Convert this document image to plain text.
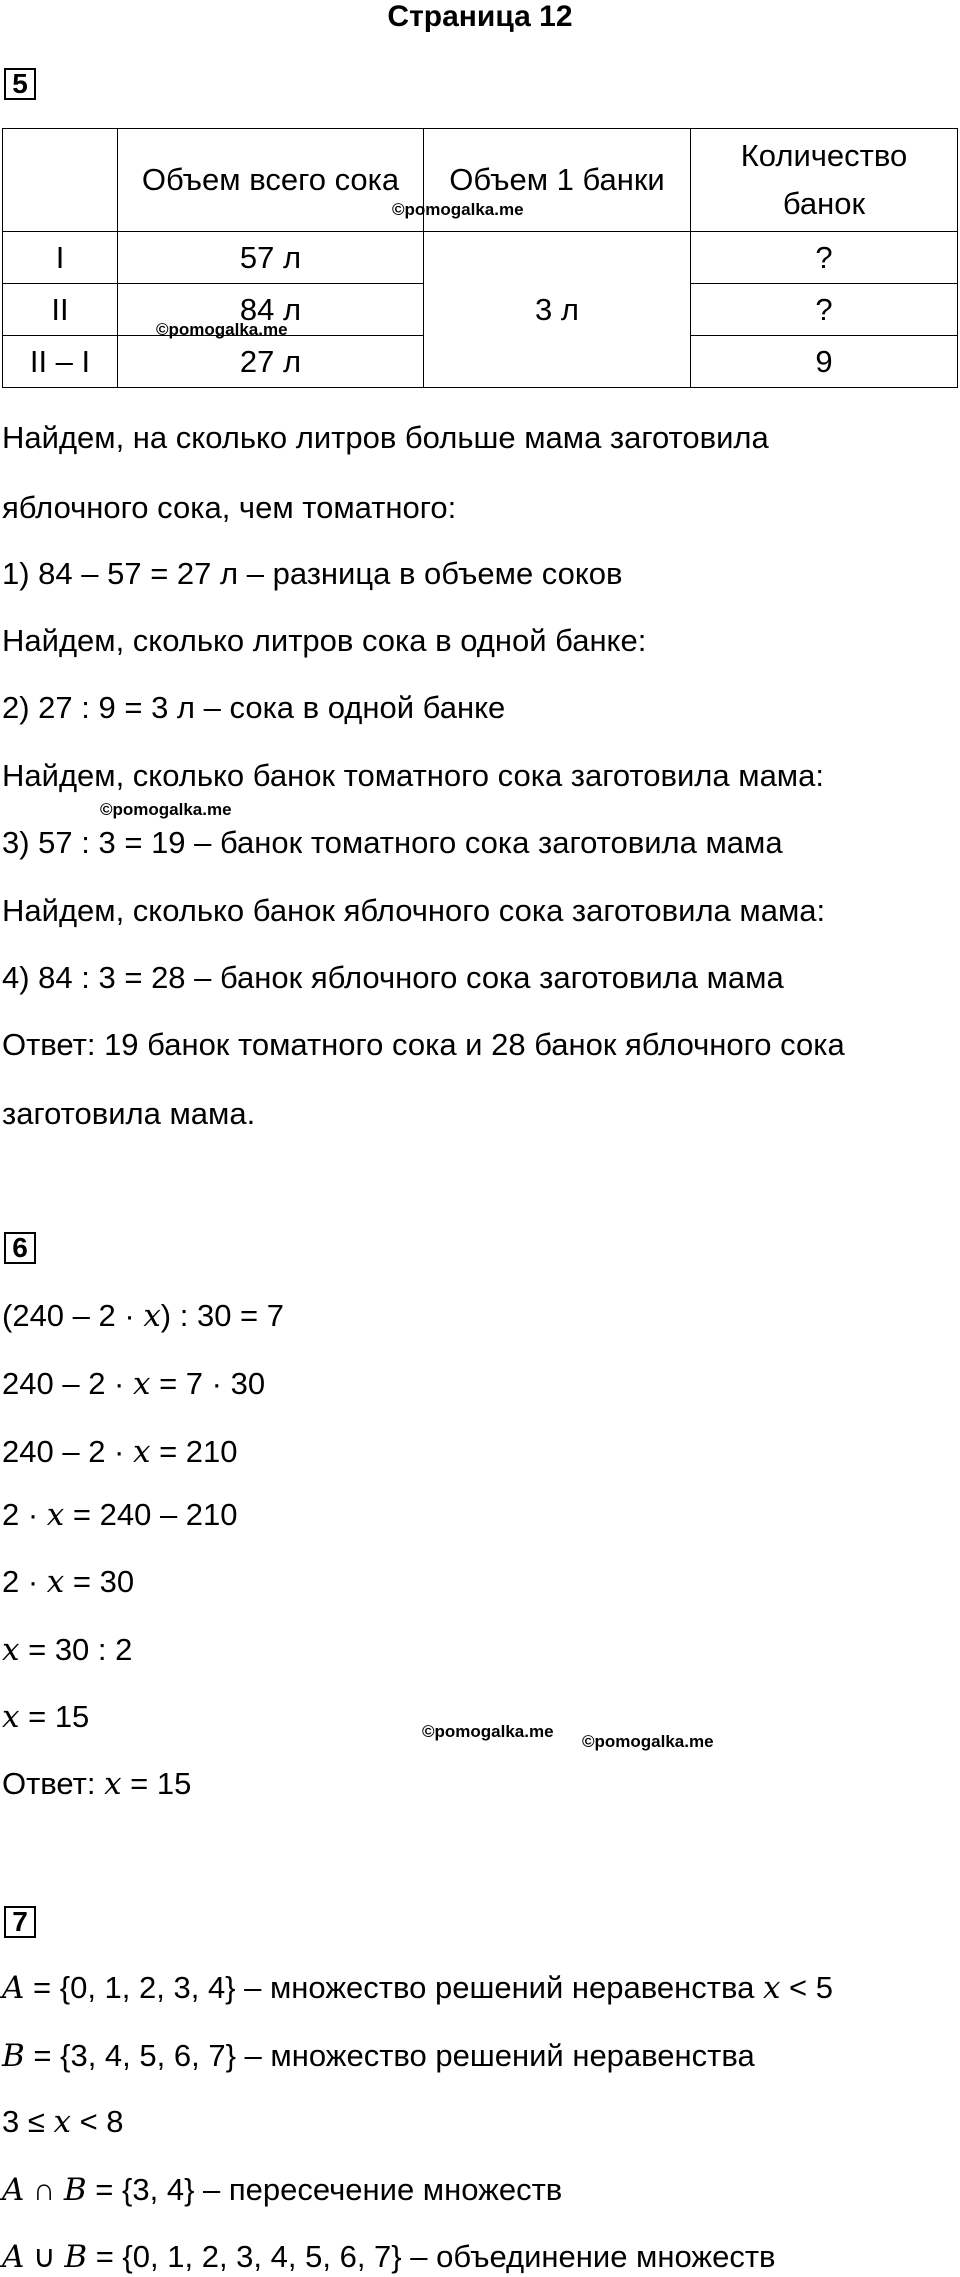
Страница 12
5
	Объем всего сока	Объем 1 банки	Количество
банок

I	57 л	3 л	?
II	84 л		?
II – I	27 л		9
©pomogalka.me
©pomogalka.me
Найдем, на сколько литров больше мама заготовила
яблочного сока, чем томатного:
1) 84 – 57 = 27 л – разница в объеме соков
Найдем, сколько литров сока в одной банке:
2) 27 : 9 = 3 л – сока в одной банке
Найдем, сколько банок томатного сока заготовила мама:
©pomogalka.me
3) 57 : 3 = 19 – банок томатного сока заготовила мама
Найдем, сколько банок яблочного сока заготовила мама:
4) 84 : 3 = 28 – банок яблочного сока заготовила мама
Ответ: 19 банок томатного сока и 28 банок яблочного сока
заготовила мама.
6
(240 – 2 · x) : 30 = 7
240 – 2 · x = 7 · 30
240 – 2 · x = 210
2 · x = 240 – 210
2 · x = 30
x = 30 : 2
x = 15	©pomogalka.me
©pomogalka.me
Ответ: x = 15
7
A = {0, 1, 2, 3, 4} – множество решений неравенства x < 5
B = {3, 4, 5, 6, 7} – множество решений неравенства
3 ≤ x < 8
A ∩ B = {3, 4} – пересечение множеств
A ∪ B = {0, 1, 2, 3, 4, 5, 6, 7} – объединение множеств
